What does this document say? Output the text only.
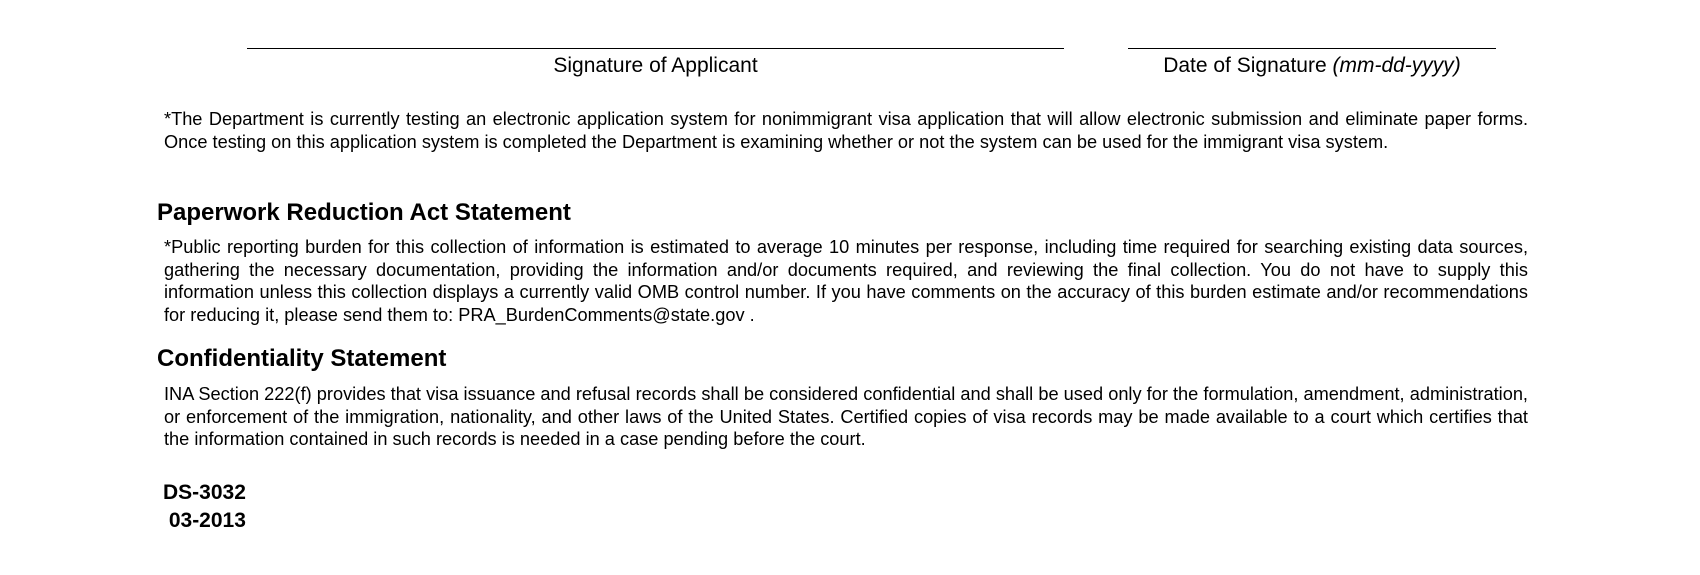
Signature of Applicant	Date of Signature (mm-dd-yyyy)

*The Department is currently testing an electronic application system for nonimmigrant visa application that will allow electronic submission and eliminate paper forms. Once testing on this application system is completed the Department is examining whether or not the system can be used for the immigrant visa system.

Paperwork Reduction Act Statement

*Public reporting burden for this collection of information is estimated to average 10 minutes per response, including time required for searching existing data sources, gathering the necessary documentation, providing the information and/or documents required, and reviewing the final collection. You do not have to supply this information unless this collection displays a currently valid OMB control number. If you have comments on the accuracy of this burden estimate and/or recommendations for reducing it, please send them to: PRA_BurdenComments@state.gov .

Confidentiality Statement

INA Section 222(f) provides that visa issuance and refusal records shall be considered confidential and shall be used only for the formulation, amendment, administration, or enforcement of the immigration, nationality, and other laws of the United States. Certified copies of visa records may be made available to a court which certifies that the information contained in such records is needed in a case pending before the court.

DS-3032
03-2013
